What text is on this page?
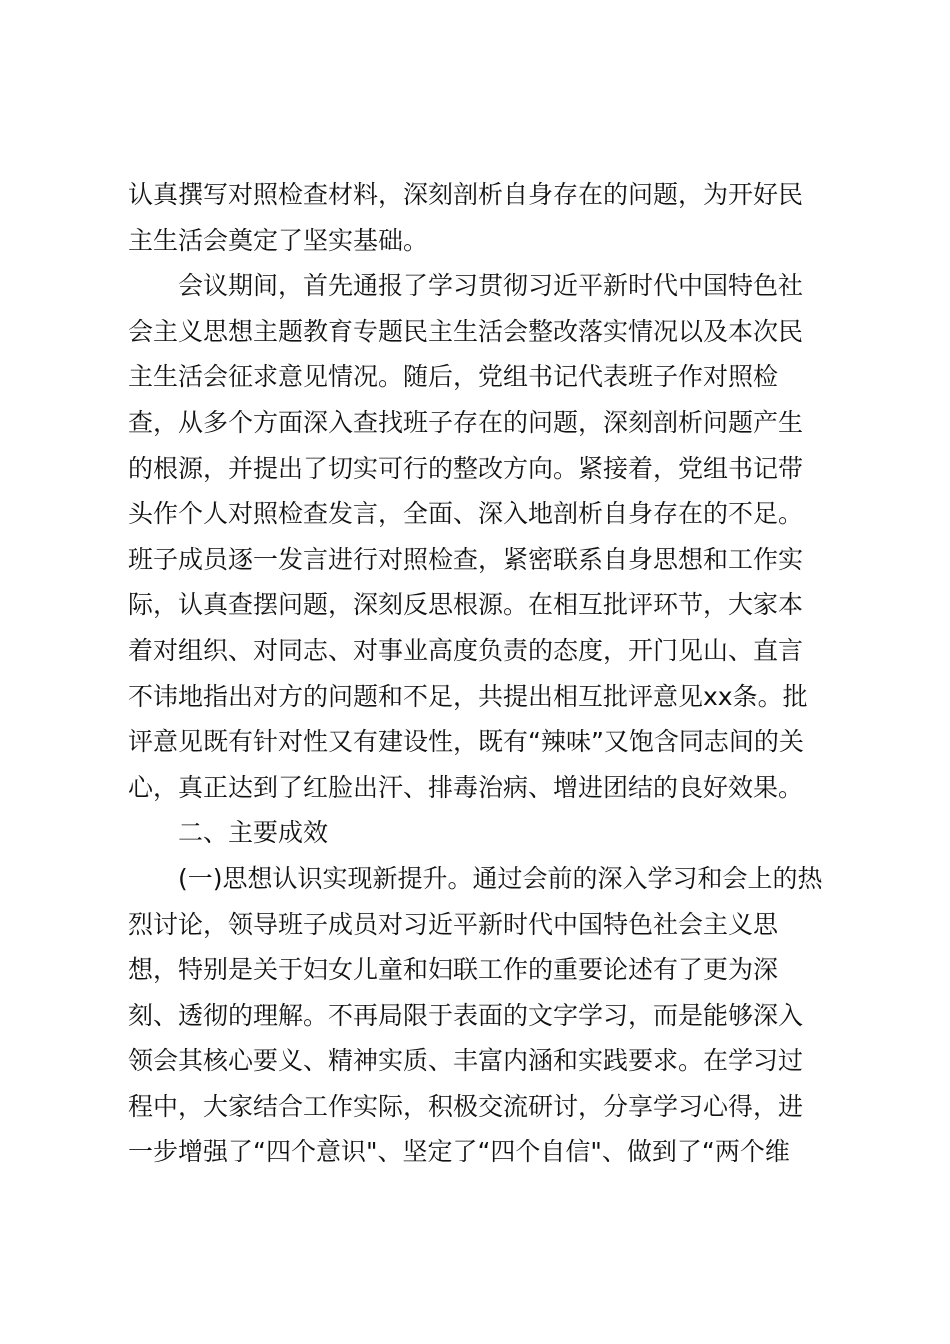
认真撰写对照检查材料，深刻剖析自身存在的问题，为开好民
主生活会奠定了坚实基础。
会议期间，首先通报了学习贯彻习近平新时代中国特色社
会主义思想主题教育专题民主生活会整改落实情况以及本次民
主生活会征求意见情况。随后，党组书记代表班子作对照检
查，从多个方面深入查找班子存在的问题，深刻剖析问题产生
的根源，并提出了切实可行的整改方向。紧接着，党组书记带
头作个人对照检查发言，全面、深入地剖析自身存在的不足。
班子成员逐一发言进行对照检查，紧密联系自身思想和工作实
际，认真查摆问题，深刻反思根源。在相互批评环节，大家本
着对组织、对同志、对事业高度负责的态度，开门见山、直言
不讳地指出对方的问题和不足，共提出相互批评意见xx条。批
评意见既有针对性又有建设性，既有“辣味”又饱含同志间的关
心，真正达到了红脸出汗、排毒治病、增进团结的良好效果。
二、主要成效
(一)思想认识实现新提升。通过会前的深入学习和会上的热
烈讨论，领导班子成员对习近平新时代中国特色社会主义思
想，特别是关于妇女儿童和妇联工作的重要论述有了更为深
刻、透彻的理解。不再局限于表面的文字学习，而是能够深入
领会其核心要义、精神实质、丰富内涵和实践要求。在学习过
程中，大家结合工作实际，积极交流研讨，分享学习心得，进
一步增强了“四个意识"、坚定了“四个自信"、做到了“两个维
